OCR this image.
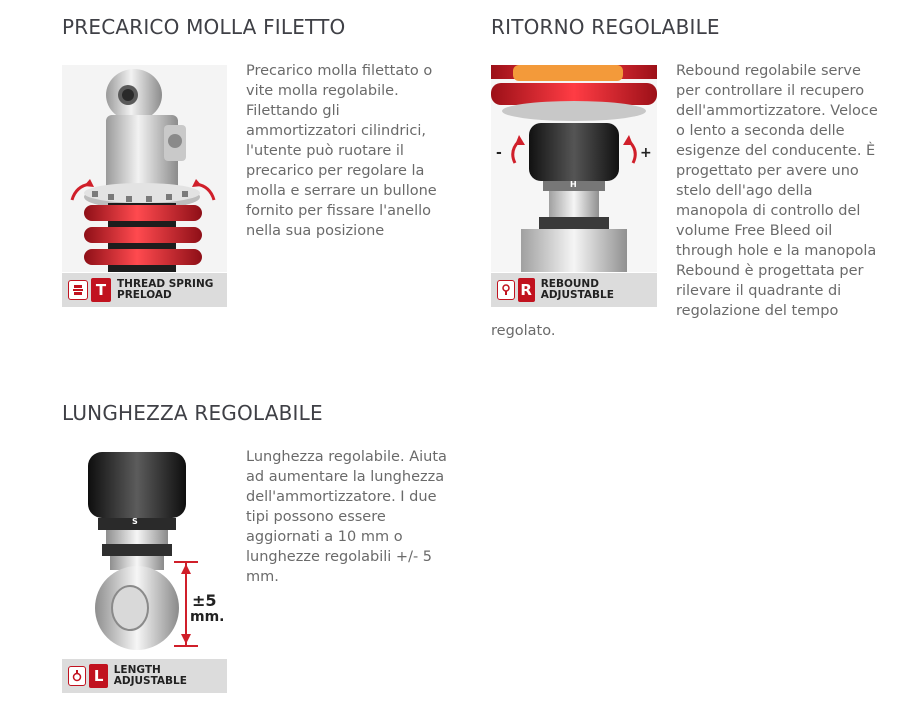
PRECARICO MOLLA FILETTO
T	THREAD SPRING
PRELOAD

Precarico molla filettato o vite molla regolabile. Filettando gli ammortizzatori cilindrici, l'utente può ruotare il precarico per regolare la molla e serrare un bullone fornito per fissare l'anello nella sua posizione

RITORNO REGOLABILE
-	+
H
R REBOUND ADJUSTABLE
Rebound regolabile serve
per controllare il recupero
dell'ammortizzatore. Veloce
o lento a seconda delle
esigenze del conducente. È
progettato per avere uno
stelo dell'ago della
manopola di controllo del
volume Free Bleed oil
through hole e la manopola
Rebound è progettata per
rilevare il quadrante di
regolazione del tempo

regolato.

LUNGHEZZA REGOLABILE
±5
mm.
S
L LENGTH ADJUSTABLE

Lunghezza regolabile. Aiuta ad aumentare la lunghezza dell'ammortizzatore. I due tipi possono essere aggiornati a 10 mm o lunghezze regolabili +/- 5 mm.
